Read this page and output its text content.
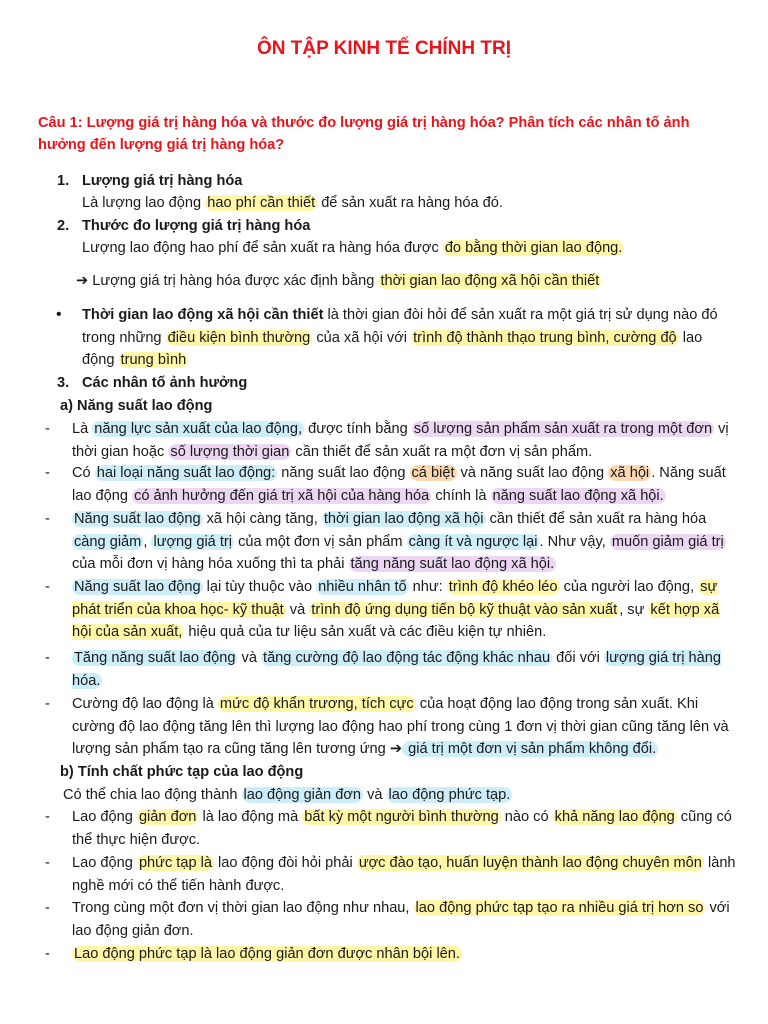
ÔN TẬP KINH TẾ CHÍNH TRỊ
Câu 1: Lượng giá trị hàng hóa và thước đo lượng giá trị hàng hóa? Phân tích các nhân tố ảnh hưởng đến lượng giá trị hàng hóa?
1. Lượng giá trị hàng hóa
Là lượng lao động hao phí cần thiết để sản xuất ra hàng hóa đó.
2. Thước đo lượng giá trị hàng hóa
Lượng lao động hao phí để sản xuất ra hàng hóa được đo bằng thời gian lao động.
➔ Lượng giá trị hàng hóa được xác định bằng thời gian lao động xã hội cần thiết
• Thời gian lao động xã hội cần thiết là thời gian đòi hỏi để sản xuất ra một giá trị sử dụng nào đó trong những điều kiện bình thường của xã hội với trình độ thành thạo trung bình, cường độ lao động trung bình
3. Các nhân tố ảnh hưởng
a) Năng suất lao động
- Là năng lực sản xuất của lao động, được tính bằng số lượng sản phẩm sản xuất ra trong một đơn vị thời gian hoặc số lượng thời gian cần thiết để sản xuất ra một đơn vị sản phẩm.
- Có hai loại năng suất lao động: năng suất lao động cá biệt và năng suất lao động xã hội . Năng suất lao động có ảnh hưởng đến giá trị xã hội của hàng hóa chính là năng suất lao động xã hội.
- Năng suất lao động xã hội càng tăng, thời gian lao động xã hội cần thiết để sản xuất ra hàng hóa càng giảm , lượng giá trị của một đơn vị sản phẩm càng ít và ngược lại . Như vậy, muốn giảm giá trị của mỗi đơn vị hàng hóa xuống thì ta phải tăng năng suất lao động xã hội.
- Năng suất lao động lại tùy thuộc vào nhiều nhân tố như: trình độ khéo léo của người lao động, sự phát triển của khoa học- kỹ thuật và trình độ ứng dụng tiến bộ kỹ thuật vào sản xuất , sự kết hợp xã hội của sản xuất, hiệu quả của tư liệu sản xuất và các điều kiện tự nhiên.
- Tăng năng suất lao động và tăng cường độ lao động tác động khác nhau đối với lượng giá trị hàng hóa.
- Cường độ lao động là mức độ khẩn trương, tích cực của hoạt động lao động trong sản xuất. Khi cường độ lao động tăng lên thì lượng lao động hao phí trong cùng 1 đơn vị thời gian cũng tăng lên và lượng sản phẩm tạo ra cũng tăng lên tương ứng ➔ giá trị một đơn vị sản phẩm không đổi.
b) Tính chất phức tạp của lao động
Có thể chia lao động thành lao động giản đơn và lao động phức tạp.
- Lao động giản đơn là lao động mà bất kỳ một người bình thường nào có khả năng lao động cũng có thể thực hiện được.
- Lao động phức tạp là lao động đòi hỏi phải ược đào tạo, huấn luyện thành lao động chuyên môn lành nghề mới có thể tiến hành được.
- Trong cùng một đơn vị thời gian lao động như nhau, lao động phức tạp tạo ra nhiều giá trị hơn so với lao động giản đơn.
- Lao động phức tạp là lao động giản đơn được nhân bội lên.
